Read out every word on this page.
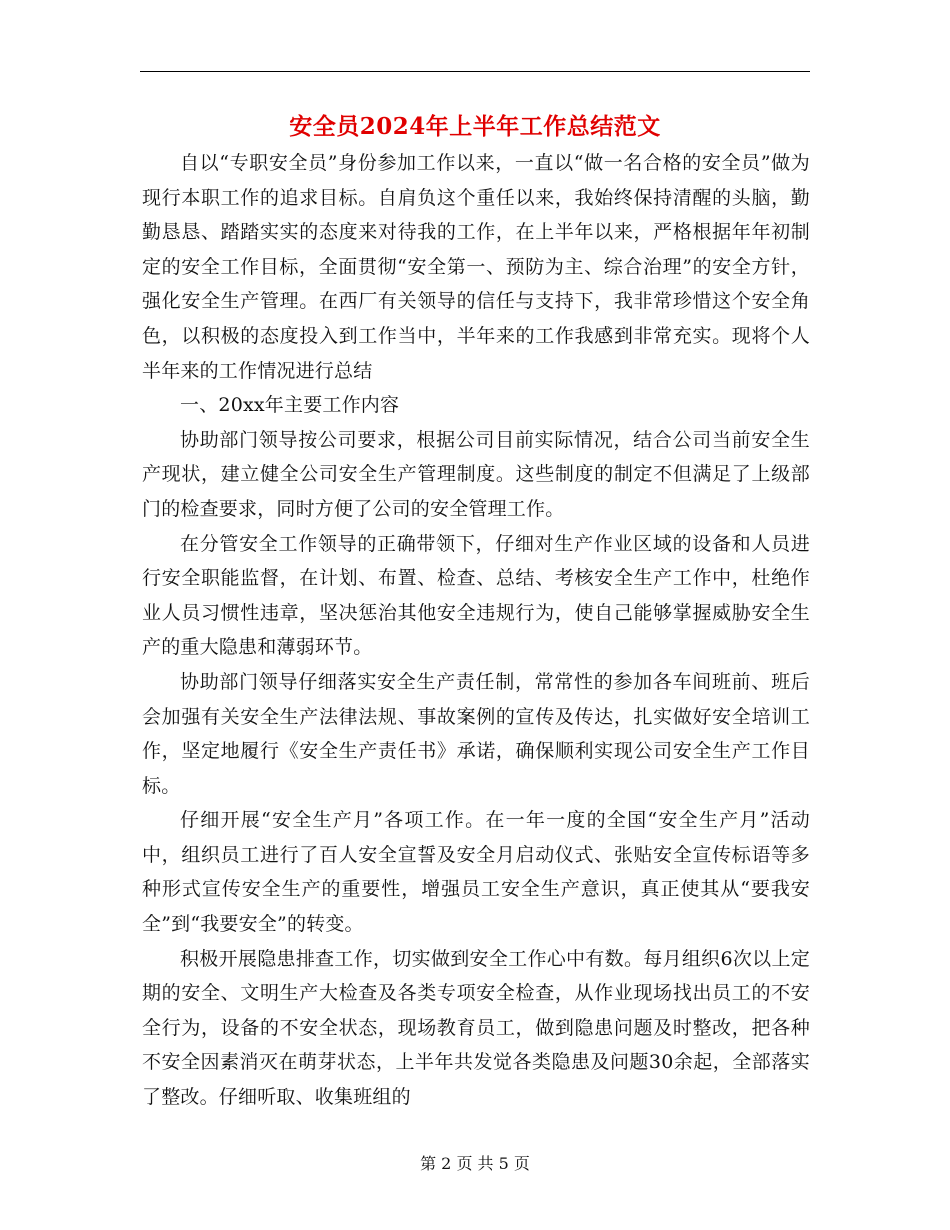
安全员2024年上半年工作总结范文

自以“专职安全员”身份参加工作以来，一直以“做一名合格的安全员”做为现行本职工作的追求目标。自肩负这个重任以来，我始终保持清醒的头脑，勤勤恳恳、踏踏实实的态度来对待我的工作，在上半年以来，严格根据年年初制定的安全工作目标，全面贯彻“安全第一、预防为主、综合治理”的安全方针，强化安全生产管理。在西厂有关领导的信任与支持下，我非常珍惜这个安全角色，以积极的态度投入到工作当中，半年来的工作我感到非常充实。现将个人半年来的工作情况进行总结

一、20xx年主要工作内容

协助部门领导按公司要求，根据公司目前实际情况，结合公司当前安全生产现状，建立健全公司安全生产管理制度。这些制度的制定不但满足了上级部门的检查要求，同时方便了公司的安全管理工作。

在分管安全工作领导的正确带领下，仔细对生产作业区域的设备和人员进行安全职能监督，在计划、布置、检查、总结、考核安全生产工作中，杜绝作业人员习惯性违章，坚决惩治其他安全违规行为，使自己能够掌握威胁安全生产的重大隐患和薄弱环节。

协助部门领导仔细落实安全生产责任制，常常性的参加各车间班前、班后会加强有关安全生产法律法规、事故案例的宣传及传达，扎实做好安全培训工作，坚定地履行《安全生产责任书》承诺，确保顺利实现公司安全生产工作目标。

仔细开展“安全生产月”各项工作。在一年一度的全国“安全生产月”活动中，组织员工进行了百人安全宣誓及安全月启动仪式、张贴安全宣传标语等多种形式宣传安全生产的重要性，增强员工安全生产意识，真正使其从“要我安全”到“我要安全”的转变。

积极开展隐患排查工作，切实做到安全工作心中有数。每月组织6次以上定期的安全、文明生产大检查及各类专项安全检查，从作业现场找出员工的不安全行为，设备的不安全状态，现场教育员工，做到隐患问题及时整改，把各种不安全因素消灭在萌芽状态，上半年共发觉各类隐患及问题30余起，全部落实了整改。仔细听取、收集班组的

第 2 页 共 5 页
